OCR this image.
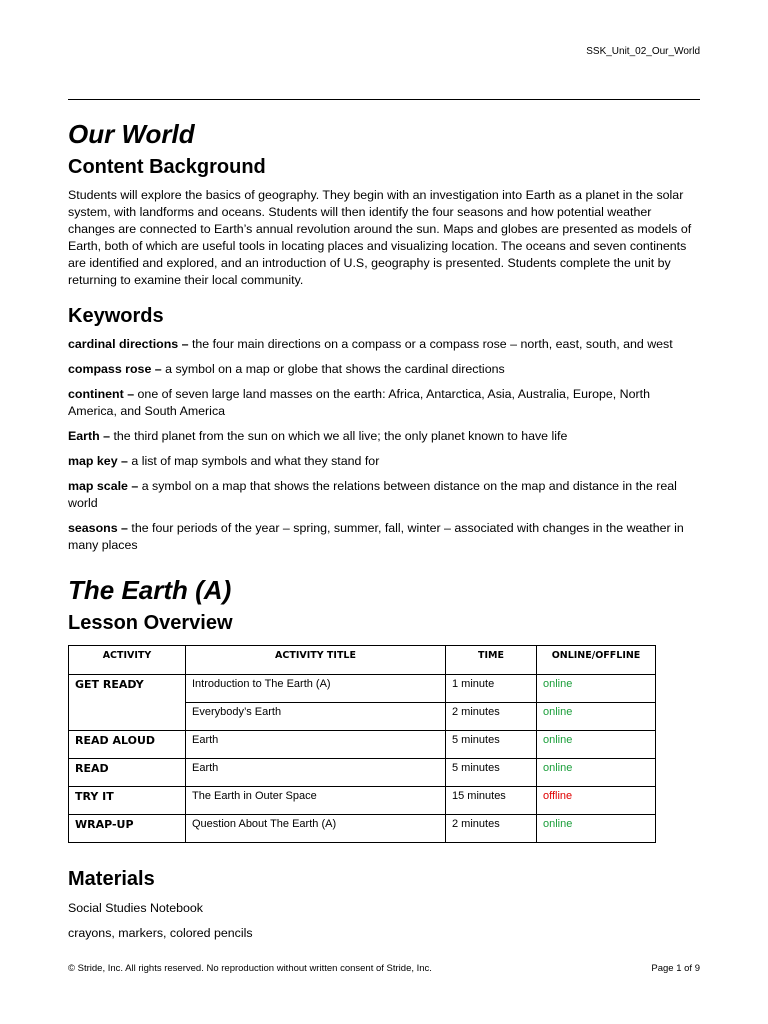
SSK_Unit_02_Our_World
Our World
Content Background

Students will explore the basics of geography. They begin with an investigation into Earth as a planet in the solar system, with landforms and oceans. Students will then identify the four seasons and how potential weather changes are connected to Earth’s annual revolution around the sun. Maps and globes are presented as models of Earth, both of which are useful tools in locating places and visualizing location. The oceans and seven continents are identified and explored, and an introduction of U.S, geography is presented. Students complete the unit by returning to examine their local community.

Keywords

cardinal directions – the four main directions on a compass or a compass rose – north, east, south, and west

compass rose – a symbol on a map or globe that shows the cardinal directions

continent – one of seven large land masses on the earth: Africa, Antarctica, Asia, Australia, Europe, North America, and South America

Earth – the third planet from the sun on which we all live; the only planet known to have life

map key – a list of map symbols and what they stand for

map scale – a symbol on a map that shows the relations between distance on the map and distance in the real world

seasons – the four periods of the year – spring, summer, fall, winter – associated with changes in the weather in many places

The Earth (A)
Lesson Overview
ACTIVITY	ACTIVITY TITLE	TIME	ONLINE/OFFLINE
GET READY	Introduction to The Earth (A)	1 minute	online
	Everybody’s Earth	2 minutes	online
READ ALOUD	Earth	5 minutes	online
READ	Earth	5 minutes	online
TRY IT	The Earth in Outer Space	15 minutes	offline
WRAP-UP	Question About The Earth (A)	2 minutes	online
Materials

Social Studies Notebook

crayons, markers, colored pencils

© Stride, Inc. All rights reserved. No reproduction without written consent of Stride, Inc.	Page 1 of 9
